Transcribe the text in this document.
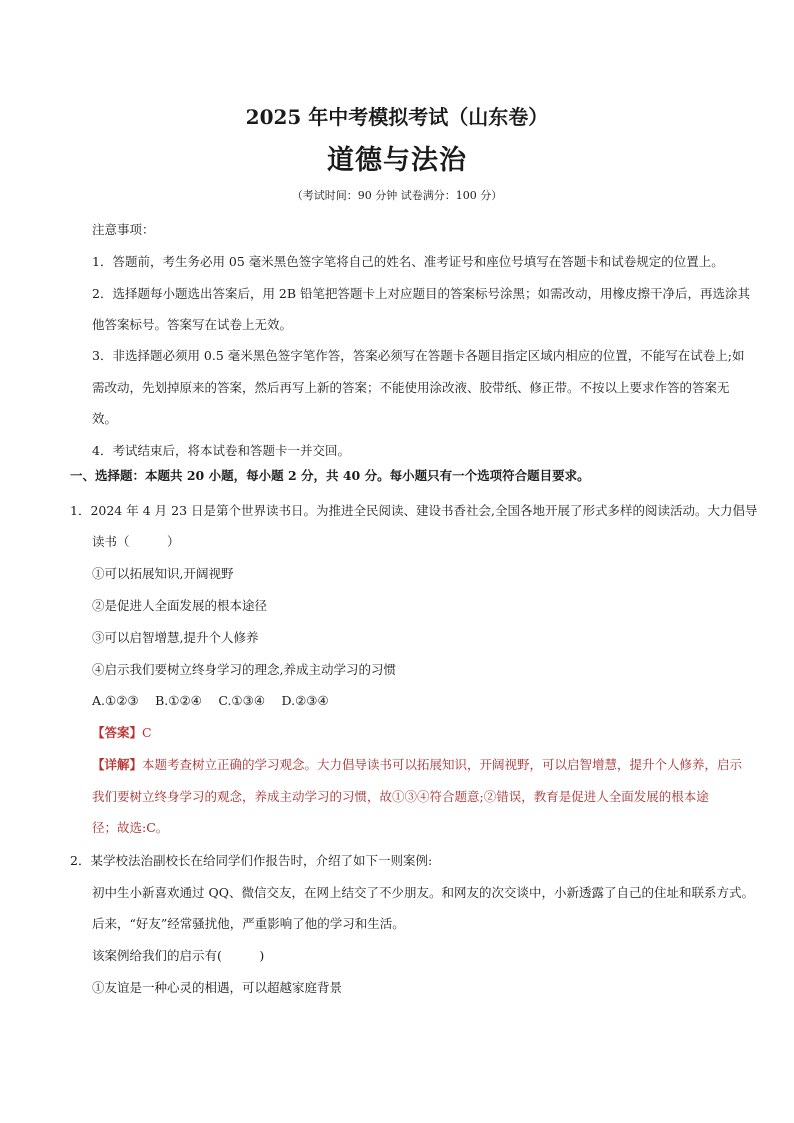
2025 年中考模拟考试（山东卷）
道德与法治
（考试时间：90 分钟 试卷满分：100 分）
注意事项：
1．答题前，考生务必用 05 毫米黑色签字笔将自己的姓名、准考证号和座位号填写在答题卡和试卷规定的位置上。
2．选择题每小题选出答案后，用 2B 铅笔把答题卡上对应题目的答案标号涂黑；如需改动，用橡皮擦干净后，再选涂其
他答案标号。答案写在试卷上无效。
3．非选择题必须用 0.5 毫米黑色签字笔作答，答案必须写在答题卡各题目指定区域内相应的位置，不能写在试卷上;如
需改动，先划掉原来的答案，然后再写上新的答案；不能使用涂改液、胶带纸、修正带。不按以上要求作答的答案无
效。
4．考试结束后，将本试卷和答题卡一并交回。
一、选择题：本题共 20 小题，每小题 2 分，共 40 分。每小题只有一个选项符合题目要求。
1．2024 年 4 月 23 日是第个世界读书日。为推进全民阅读、建设书香社会,全国各地开展了形式多样的阅读活动。大力倡导
读书（　　　）
①可以拓展知识,开阔视野
②是促进人全面发展的根本途径
③可以启智增慧,提升个人修养
④启示我们要树立终身学习的理念,养成主动学习的习惯
A.①②③　 B.①②④　 C.①③④　 D.②③④
【答案】C
【详解】本题考查树立正确的学习观念。大力倡导读书可以拓展知识，开阔视野，可以启智增慧，提升个人修养，启示
我们要树立终身学习的观念，养成主动学习的习惯，故①③④符合题意;②错误，教育是促进人全面发展的根本途
径；故选:C。
2．某学校法治副校长在给同学们作报告时，介绍了如下一则案例:
初中生小新喜欢通过 QQ、微信交友，在网上结交了不少朋友。和网友的次交谈中，小新透露了自己的住址和联系方式。
后来，“好友”经常骚扰他，严重影响了他的学习和生活。
该案例给我们的启示有(　　　)
①友谊是一种心灵的相遇，可以超越家庭背景
